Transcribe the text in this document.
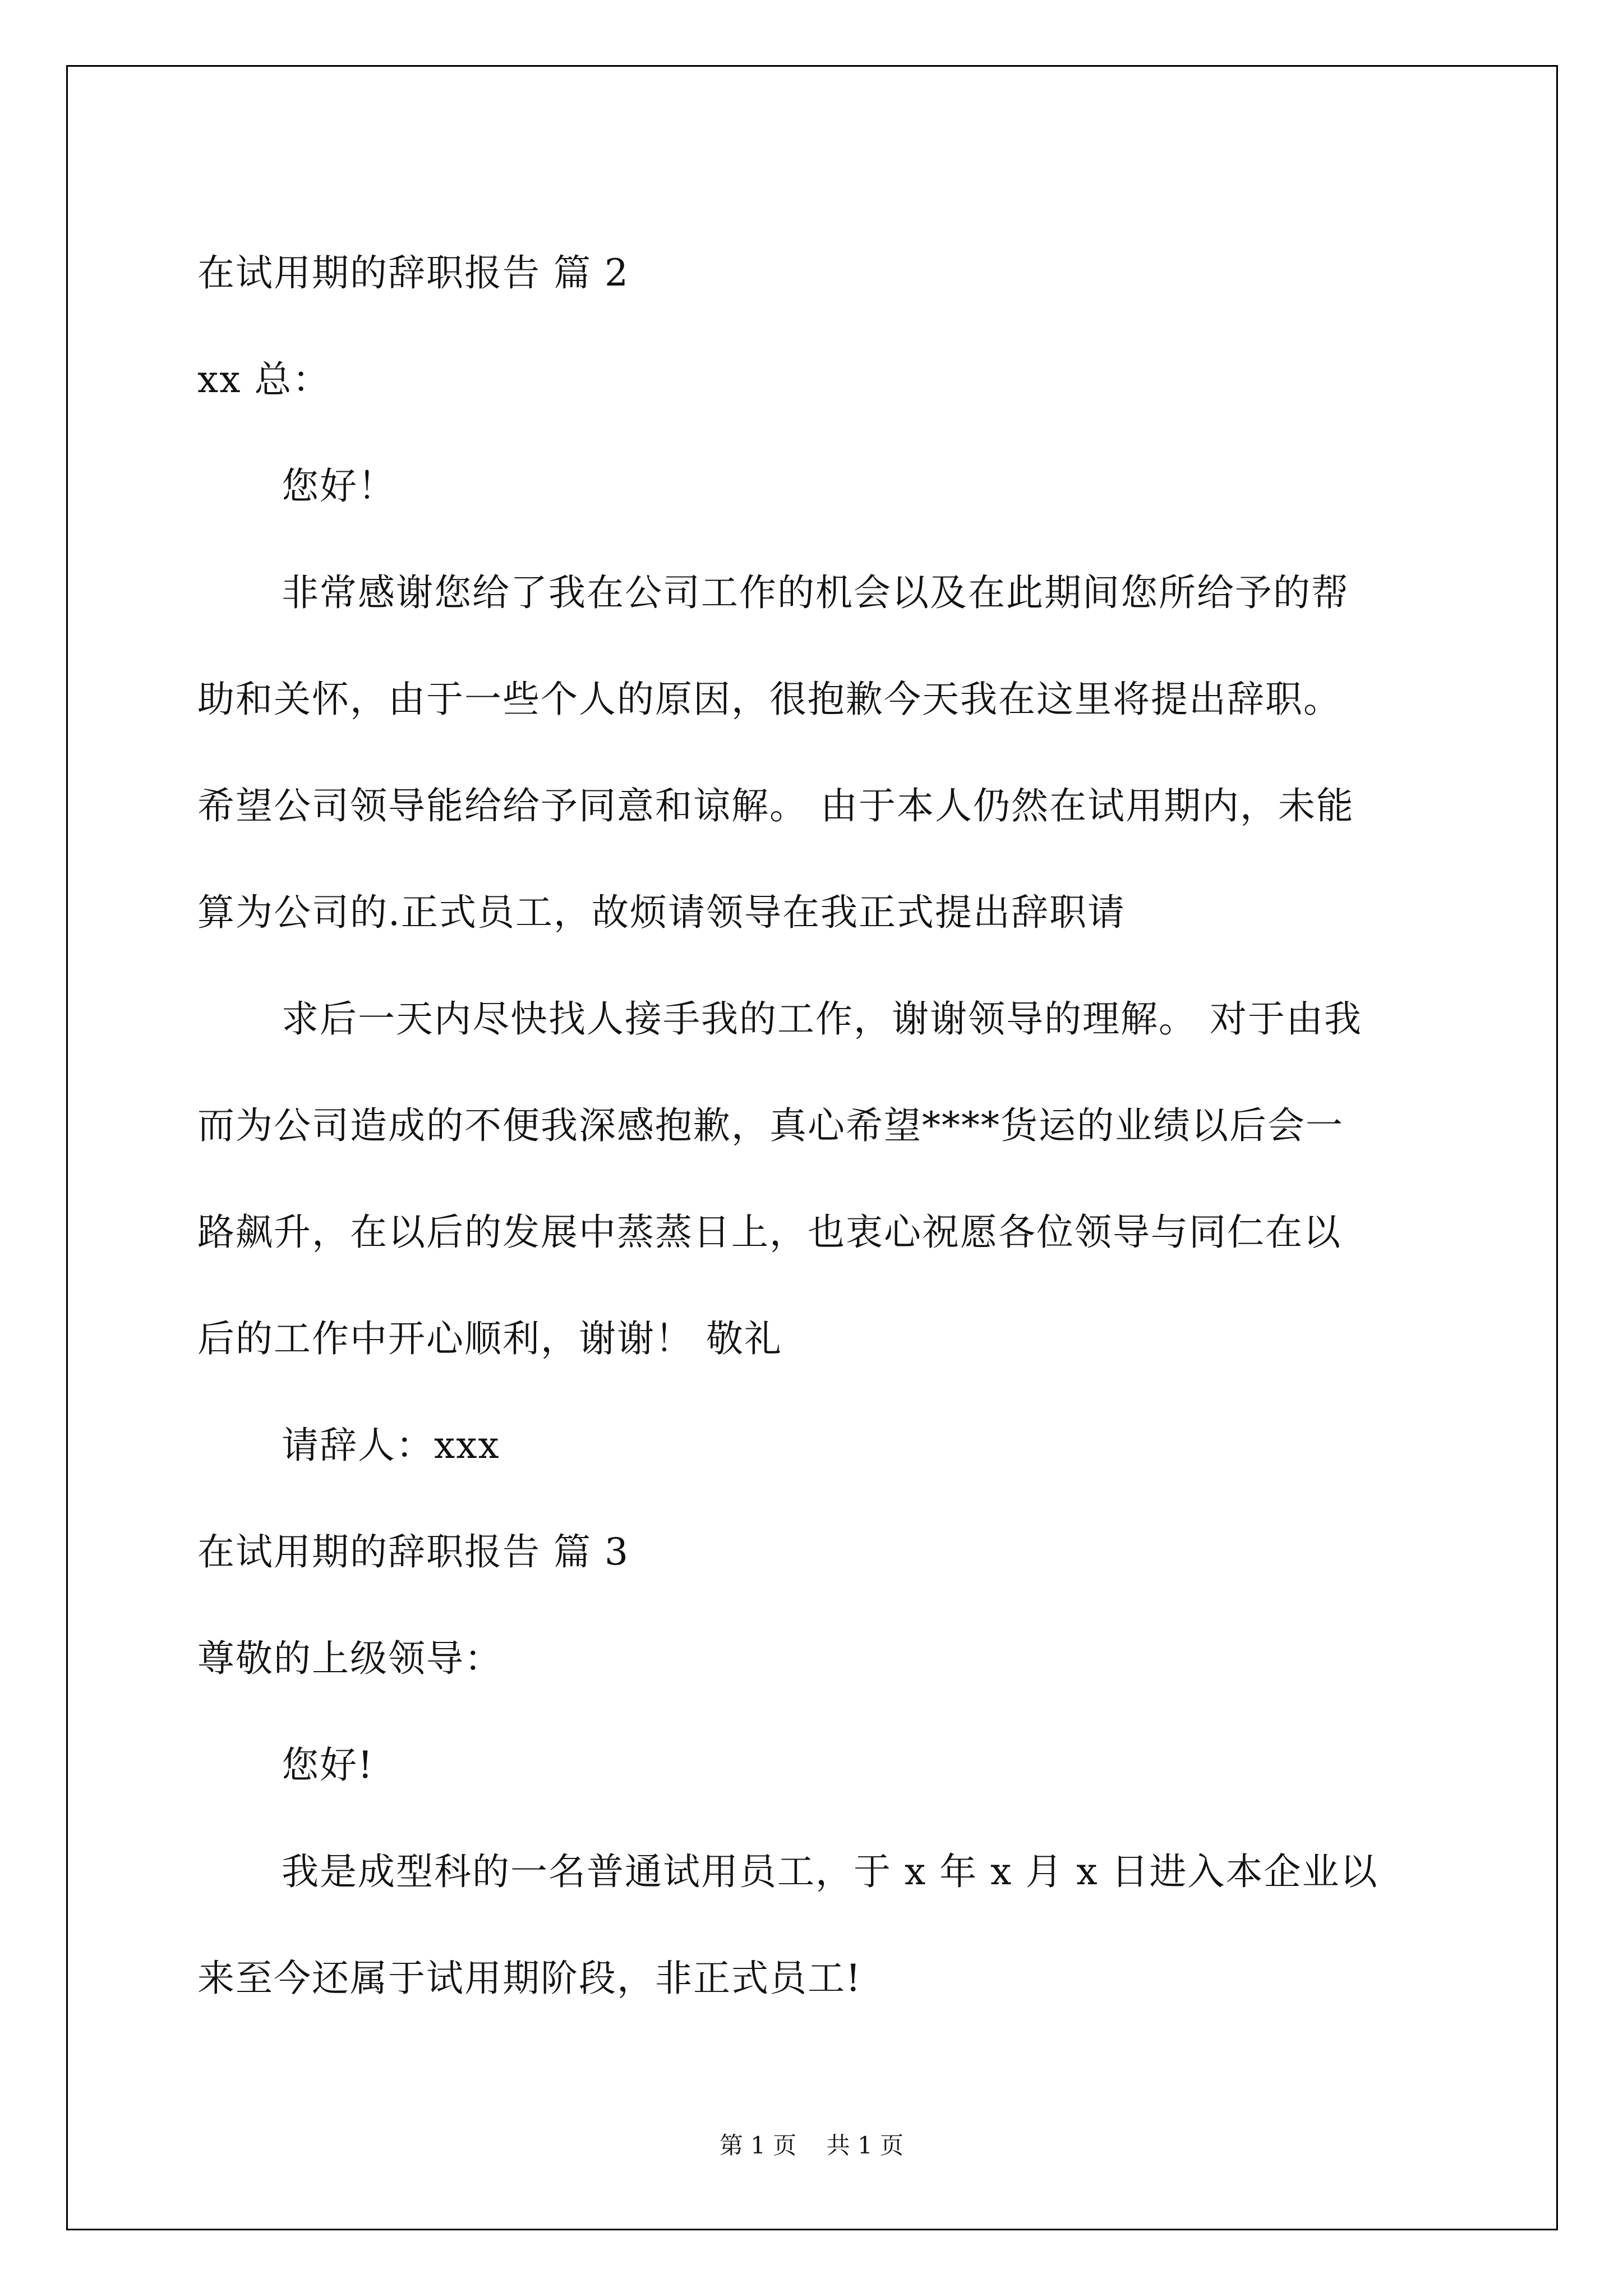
在试用期的辞职报告 篇 2
xx 总：
您好！
非常感谢您给了我在公司工作的机会以及在此期间您所给予的帮
助和关怀，由于一些个人的原因，很抱歉今天我在这里将提出辞职。
希望公司领导能给给予同意和谅解。 由于本人仍然在试用期内，未能
算为公司的.正式员工，故烦请领导在我正式提出辞职请
求后一天内尽快找人接手我的工作，谢谢领导的理解。 对于由我
而为公司造成的不便我深感抱歉，真心希望****货运的业绩以后会一
路飙升，在以后的发展中蒸蒸日上，也衷心祝愿各位领导与同仁在以
后的工作中开心顺利，谢谢！ 敬礼
请辞人：xxx
在试用期的辞职报告 篇 3
尊敬的上级领导：
您好!
我是成型科的一名普通试用员工，于 x 年 x 月 x 日进入本企业以
来至今还属于试用期阶段，非正式员工!
第 1 页 共 1 页
